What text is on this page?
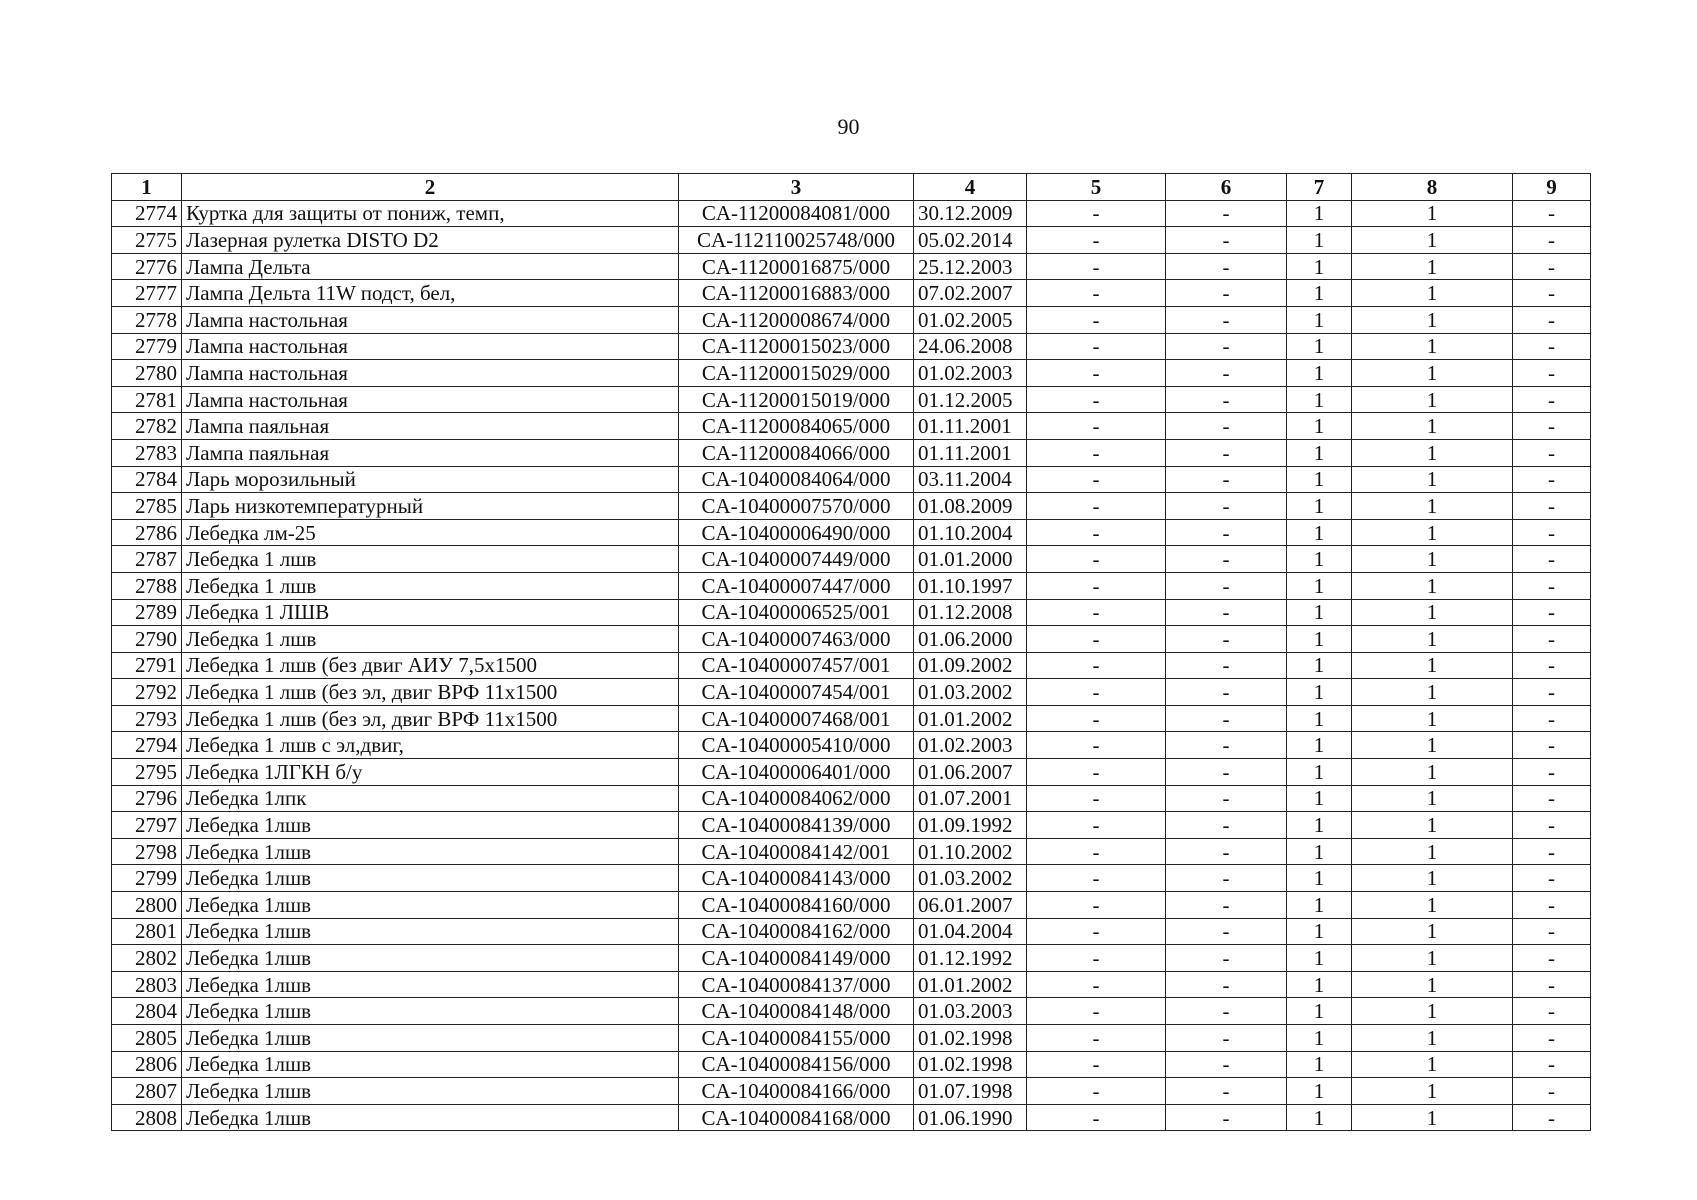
90
1	2	3	4	5	6	7	8	9
2774	Куртка для защиты от пониж, темп,	CA-11200084081/000	30.12.2009	-	-	1	1	-
2775	Лазерная рулетка DISTO D2	CA-112110025748/000	05.02.2014	-	-	1	1	-
2776	Лампа Дельта	CA-11200016875/000	25.12.2003	-	-	1	1	-
2777	Лампа Дельта 11W подст, бел,	CA-11200016883/000	07.02.2007	-	-	1	1	-
2778	Лампа настольная	CA-11200008674/000	01.02.2005	-	-	1	1	-
2779	Лампа настольная	CA-11200015023/000	24.06.2008	-	-	1	1	-
2780	Лампа настольная	CA-11200015029/000	01.02.2003	-	-	1	1	-
2781	Лампа настольная	CA-11200015019/000	01.12.2005	-	-	1	1	-
2782	Лампа паяльная	CA-11200084065/000	01.11.2001	-	-	1	1	-
2783	Лампа паяльная	CA-11200084066/000	01.11.2001	-	-	1	1	-
2784	Ларь морозильный	CA-10400084064/000	03.11.2004	-	-	1	1	-
2785	Ларь низкотемпературный	CA-10400007570/000	01.08.2009	-	-	1	1	-
2786	Лебедка лм-25	CA-10400006490/000	01.10.2004	-	-	1	1	-
2787	Лебедка 1 лшв	CA-10400007449/000	01.01.2000	-	-	1	1	-
2788	Лебедка 1 лшв	CA-10400007447/000	01.10.1997	-	-	1	1	-
2789	Лебедка 1 ЛШВ	CA-10400006525/001	01.12.2008	-	-	1	1	-
2790	Лебедка 1 лшв	CA-10400007463/000	01.06.2000	-	-	1	1	-
2791	Лебедка 1 лшв (без двиг АИУ 7,5х1500	CA-10400007457/001	01.09.2002	-	-	1	1	-
2792	Лебедка 1 лшв (без эл, двиг ВРФ 11х1500	CA-10400007454/001	01.03.2002	-	-	1	1	-
2793	Лебедка 1 лшв (без эл, двиг ВРФ 11х1500	CA-10400007468/001	01.01.2002	-	-	1	1	-
2794	Лебедка 1 лшв с эл,двиг,	CA-10400005410/000	01.02.2003	-	-	1	1	-
2795	Лебедка 1ЛГКН б/у	CA-10400006401/000	01.06.2007	-	-	1	1	-
2796	Лебедка 1лпк	CA-10400084062/000	01.07.2001	-	-	1	1	-
2797	Лебедка 1лшв	CA-10400084139/000	01.09.1992	-	-	1	1	-
2798	Лебедка 1лшв	CA-10400084142/001	01.10.2002	-	-	1	1	-
2799	Лебедка 1лшв	CA-10400084143/000	01.03.2002	-	-	1	1	-
2800	Лебедка 1лшв	CA-10400084160/000	06.01.2007	-	-	1	1	-
2801	Лебедка 1лшв	CA-10400084162/000	01.04.2004	-	-	1	1	-
2802	Лебедка 1лшв	CA-10400084149/000	01.12.1992	-	-	1	1	-
2803	Лебедка 1лшв	CA-10400084137/000	01.01.2002	-	-	1	1	-
2804	Лебедка 1лшв	CA-10400084148/000	01.03.2003	-	-	1	1	-
2805	Лебедка 1лшв	CA-10400084155/000	01.02.1998	-	-	1	1	-
2806	Лебедка 1лшв	CA-10400084156/000	01.02.1998	-	-	1	1	-
2807	Лебедка 1лшв	CA-10400084166/000	01.07.1998	-	-	1	1	-
2808	Лебедка 1лшв	CA-10400084168/000	01.06.1990	-	-	1	1	-
